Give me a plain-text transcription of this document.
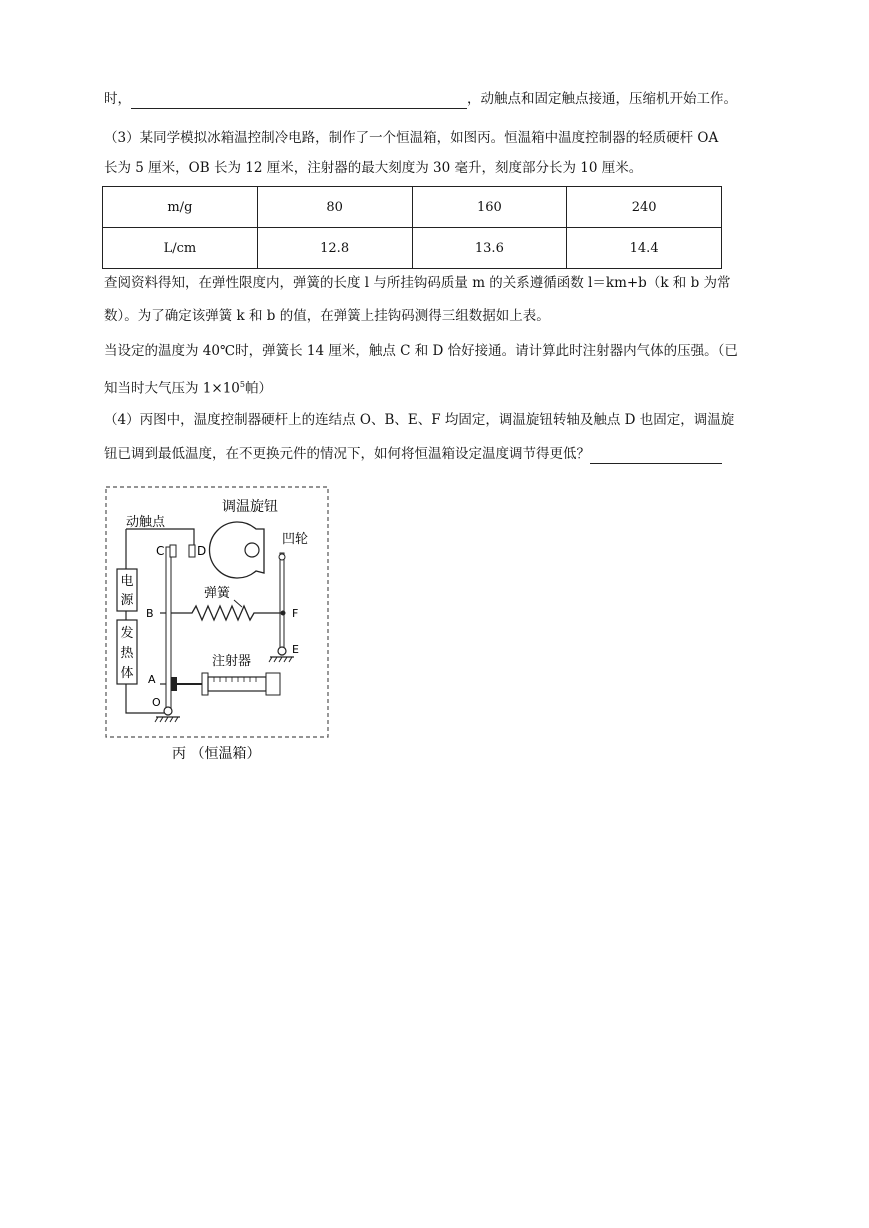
时，	，动触点和固定触点接通，压缩机开始工作。
（3）某同学模拟冰箱温控制冷电路，制作了一个恒温箱，如图丙。恒温箱中温度控制器的轻质硬杆 OA
长为 5 厘米，OB 长为 12 厘米，注射器的最大刻度为 30 毫升，刻度部分长为 10 厘米。
m/g	80	160	240
L/cm	12.8	13.6	14.4
查阅资料得知，在弹性限度内，弹簧的长度 l 与所挂钩码质量 m 的关系遵循函数 l＝km+b（k 和 b 为常
数）。为了确定该弹簧 k 和 b 的值，在弹簧上挂钩码测得三组数据如上表。
当设定的温度为 40℃时，弹簧长 14 厘米，触点 C 和 D 恰好接通。请计算此时注射器内气体的压强。（已
知当时大气压为 $1\times 10^5$帕）
（4）丙图中，温度控制器硬杆上的连结点 O、B、E、F 均固定，调温旋钮转轴及触点 D 也固定，调温旋
钮已调到最低温度，在不更换元件的情况下，如何将恒温箱设定温度调节得更低？
电
源
发
热
体
动触点
C	D
O
B
弹簧
F
E
调温旋钮
凹轮
A
注射器
丙 （恒温箱）
